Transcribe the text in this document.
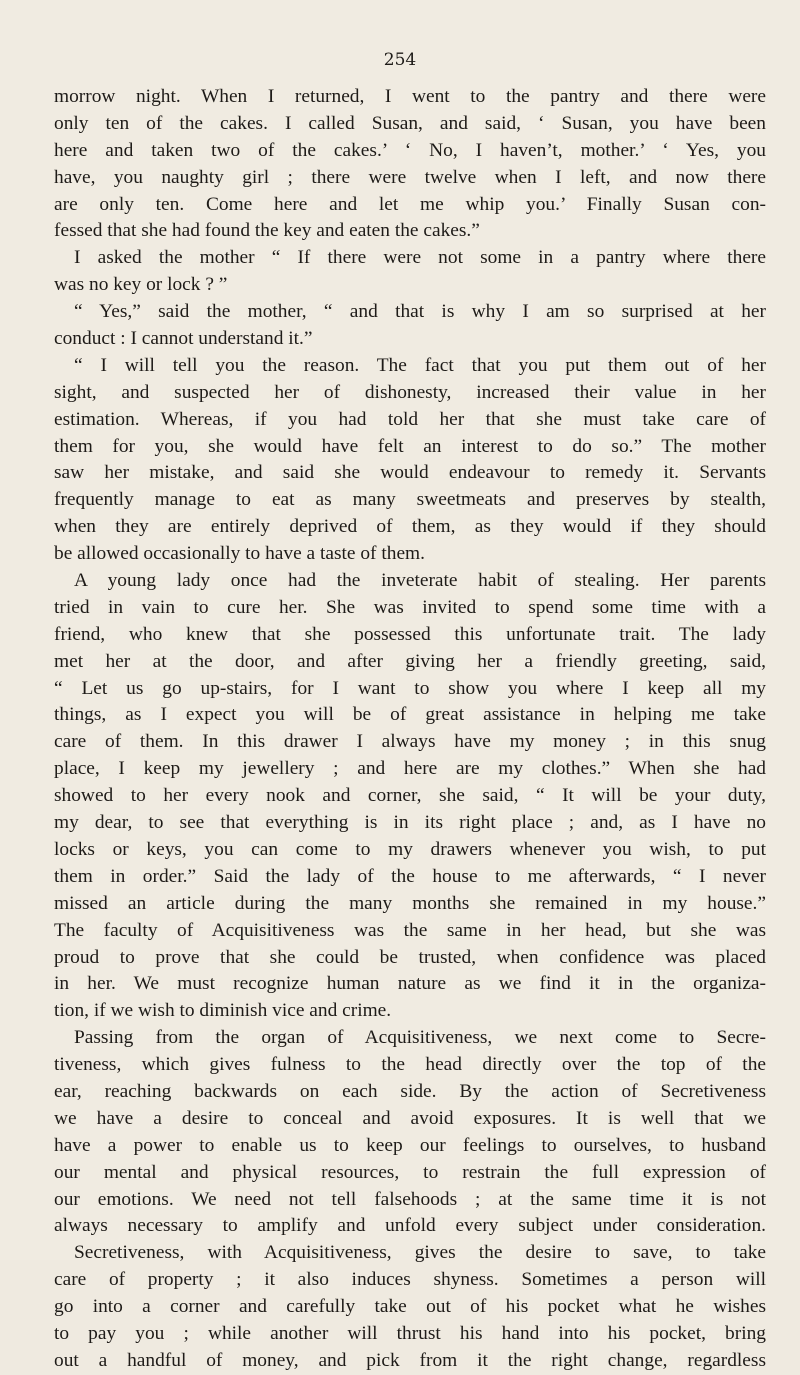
254
morrow night. When I returned, I went to the pantry and there were
only ten of the cakes. I called Susan, and said, ‘ Susan, you have been
here and taken two of the cakes.’ ‘ No, I haven’t, mother.’ ‘ Yes, you
have, you naughty girl ; there were twelve when I left, and now there
are only ten. Come here and let me whip you.’ Finally Susan con-
fessed that she had found the key and eaten the cakes.”
I asked the mother “ If there were not some in a pantry where there
was no key or lock ? ”
“ Yes,” said the mother, “ and that is why I am so surprised at her
conduct : I cannot understand it.”
“ I will tell you the reason. The fact that you put them out of her
sight, and suspected her of dishonesty, increased their value in her
estimation. Whereas, if you had told her that she must take care of
them for you, she would have felt an interest to do so.” The mother
saw her mistake, and said she would endeavour to remedy it. Servants
frequently manage to eat as many sweetmeats and preserves by stealth,
when they are entirely deprived of them, as they would if they should
be allowed occasionally to have a taste of them.
A young lady once had the inveterate habit of stealing. Her parents
tried in vain to cure her. She was invited to spend some time with a
friend, who knew that she possessed this unfortunate trait. The lady
met her at the door, and after giving her a friendly greeting, said,
“ Let us go up-stairs, for I want to show you where I keep all my
things, as I expect you will be of great assistance in helping me take
care of them. In this drawer I always have my money ; in this snug
place, I keep my jewellery ; and here are my clothes.” When she had
showed to her every nook and corner, she said, “ It will be your duty,
my dear, to see that everything is in its right place ; and, as I have no
locks or keys, you can come to my drawers whenever you wish, to put
them in order.” Said the lady of the house to me afterwards, “ I never
missed an article during the many months she remained in my house.”
The faculty of Acquisitiveness was the same in her head, but she was
proud to prove that she could be trusted, when confidence was placed
in her. We must recognize human nature as we find it in the organiza-
tion, if we wish to diminish vice and crime.
Passing from the organ of Acquisitiveness, we next come to Secre-
tiveness, which gives fulness to the head directly over the top of the
ear, reaching backwards on each side. By the action of Secretiveness
we have a desire to conceal and avoid exposures. It is well that we
have a power to enable us to keep our feelings to ourselves, to husband
our mental and physical resources, to restrain the full expression of
our emotions. We need not tell falsehoods ; at the same time it is not
always necessary to amplify and unfold every subject under consideration.
Secretiveness, with Acquisitiveness, gives the desire to save, to take
care of property ; it also induces shyness. Sometimes a person will
go into a corner and carefully take out of his pocket what he wishes
to pay you ; while another will thrust his hand into his pocket, bring
out a handful of money, and pick from it the right change, regardless
